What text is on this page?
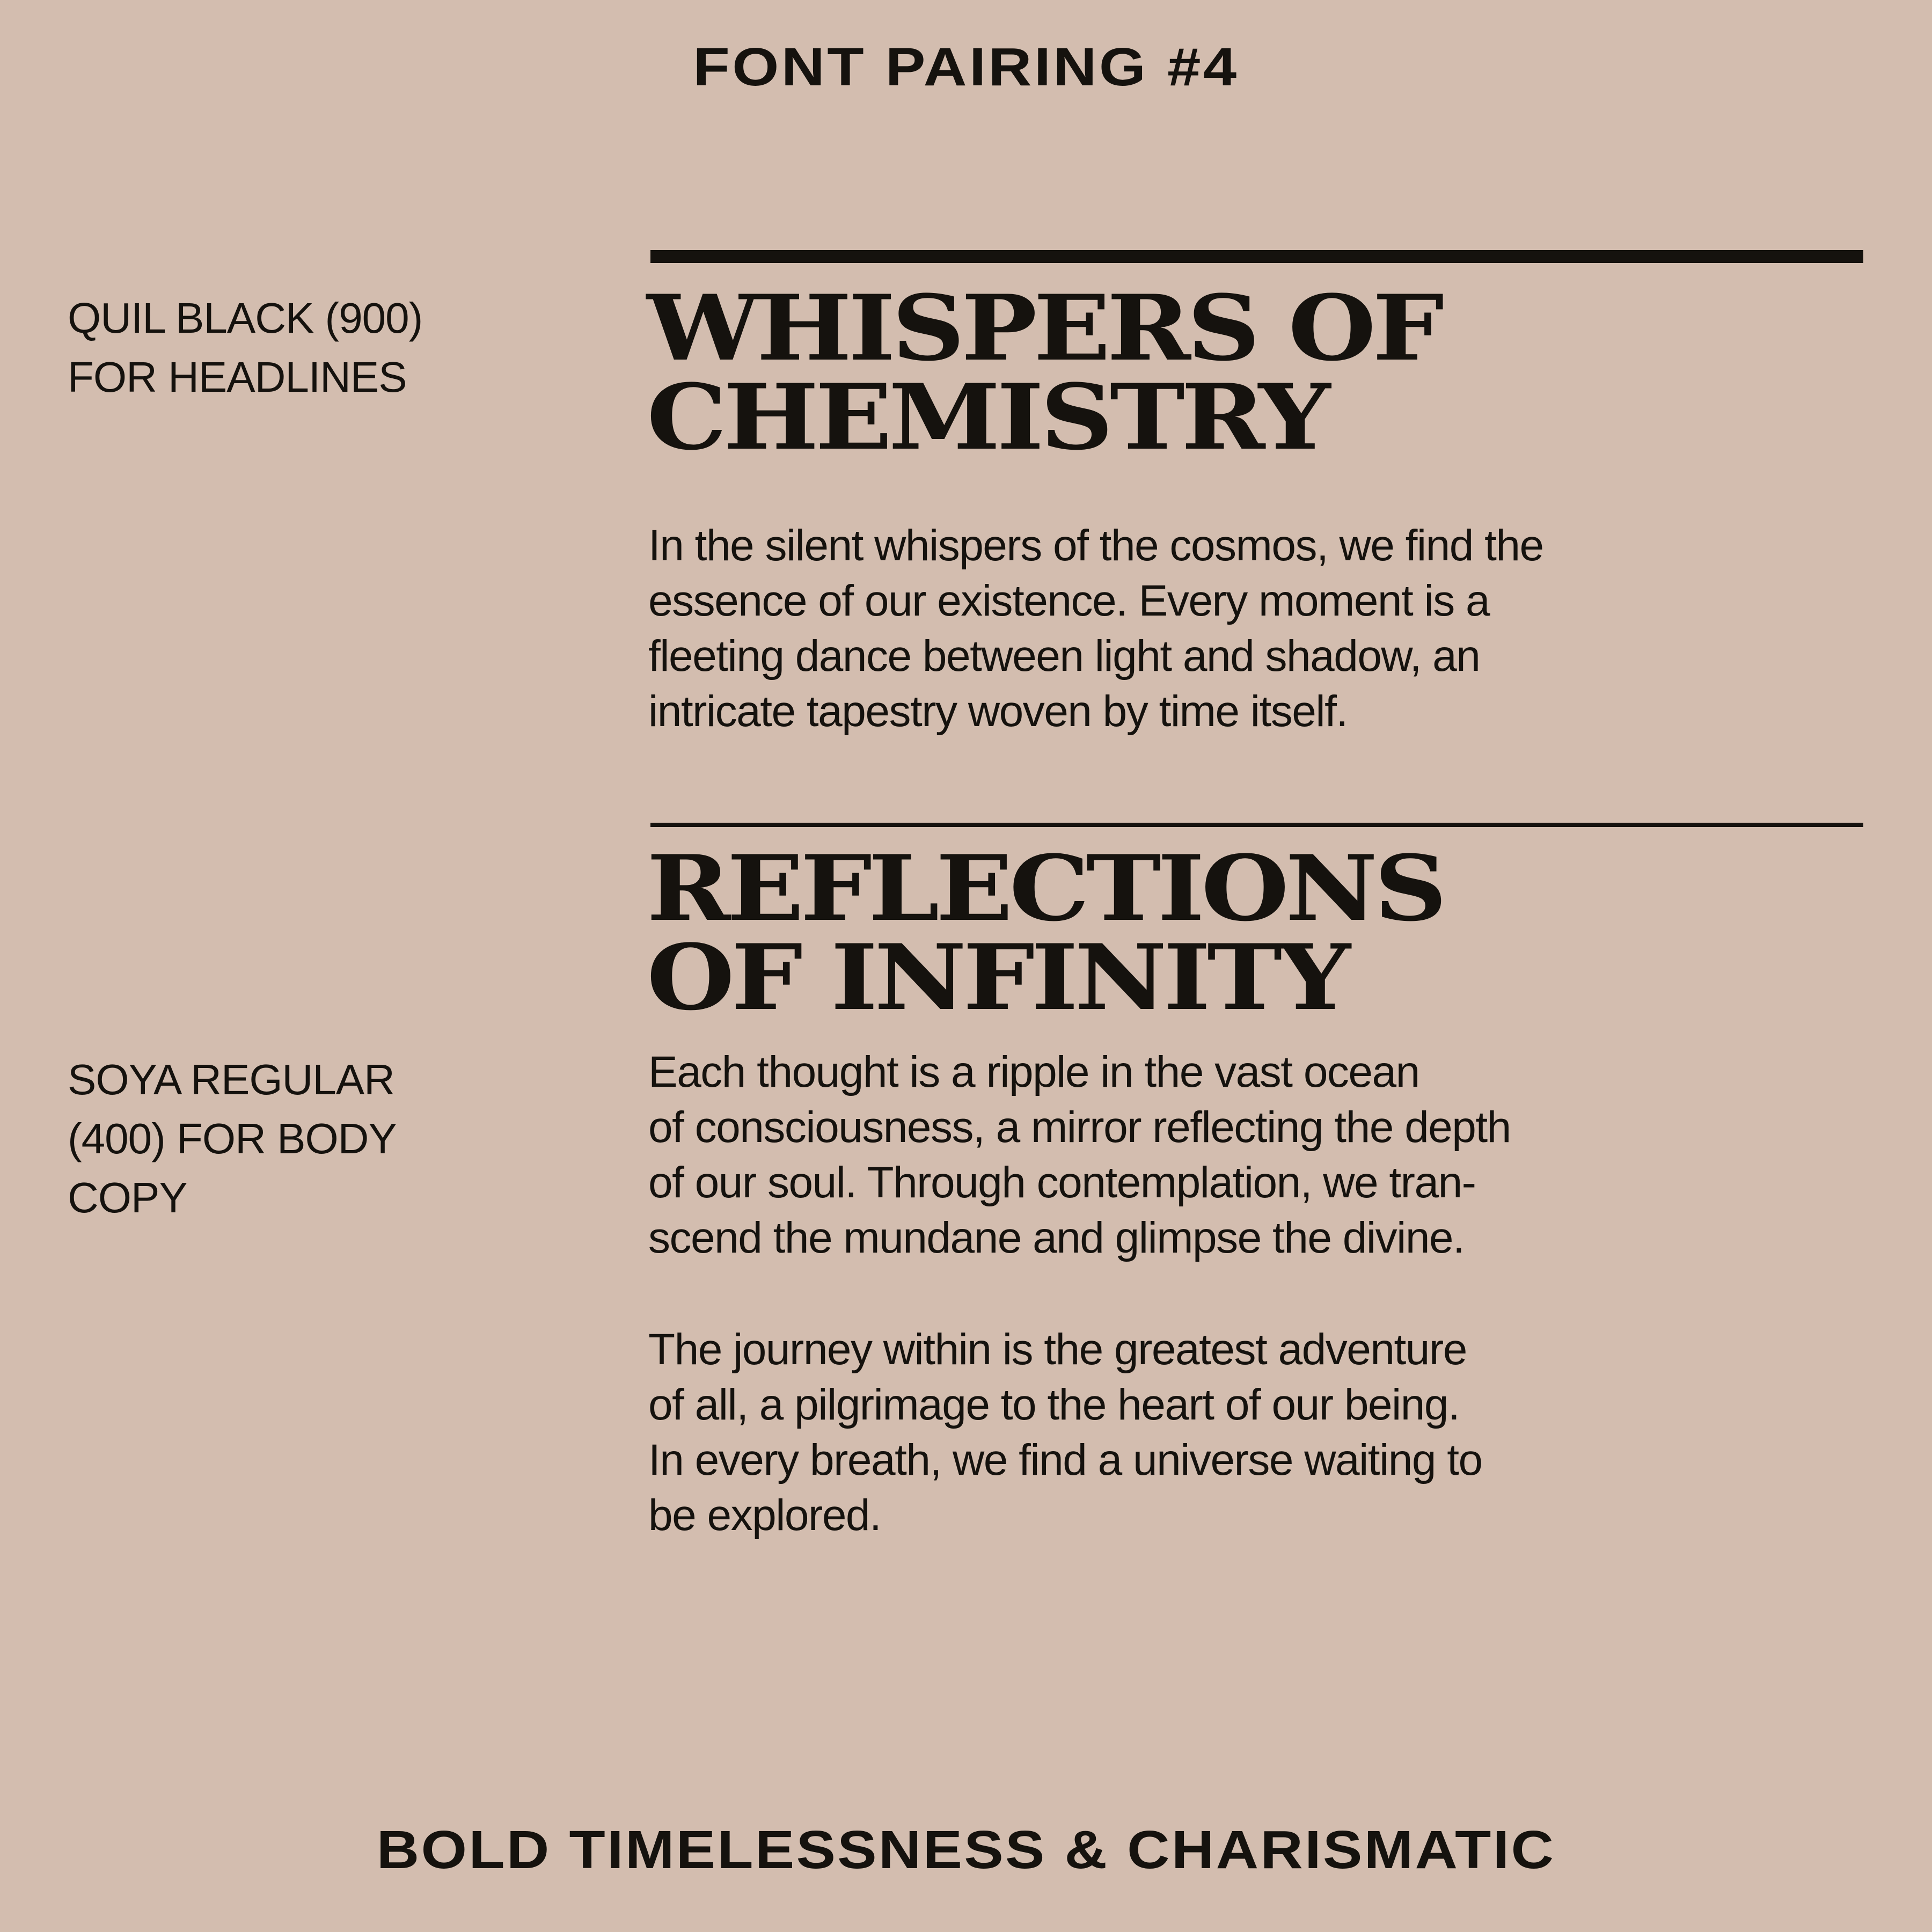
FONT PAIRING #4
QUIL BLACK (900)
FOR HEADLINES	WHISPERS OF
CHEMISTRY

In the silent whispers of the cosmos, we find the

essence of our existence. Every moment is a

fleeting dance between light and shadow, an

intricate tapestry woven by time itself.

REFLECTIONS
OF INFINITY
SOYA REGULAR
(400) FOR BODY
COPY

Each thought is a ripple in the vast ocean

of consciousness, a mirror reflecting the depth

of our soul. Through contemplation, we tran-

scend the mundane and glimpse the divine.

The journey within is the greatest adventure

of all, a pilgrimage to the heart of our being.

In every breath, we find a universe waiting to

be explored.

BOLD TIMELESSNESS & CHARISMATIC
